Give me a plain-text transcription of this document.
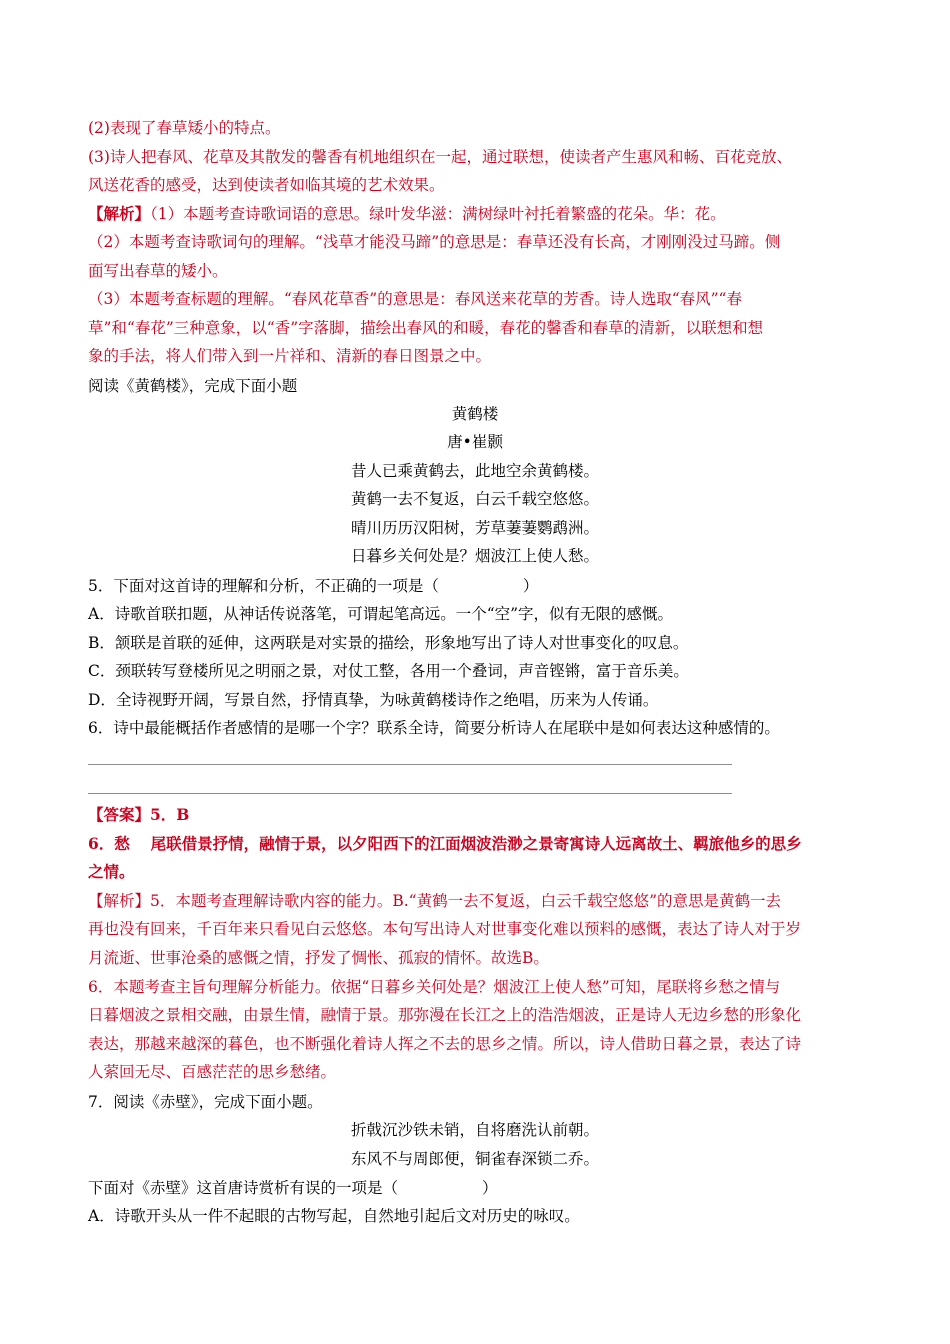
(2)表现了春草矮小的特点。
(3)诗人把春风、花草及其散发的馨香有机地组织在一起，通过联想，使读者产生惠风和畅、百花竞放、
风送花香的感受，达到使读者如临其境的艺术效果。
【解析】（1）本题考查诗歌词语的意思。绿叶发华滋：满树绿叶衬托着繁盛的花朵。华：花。
（2）本题考查诗歌词句的理解。“浅草才能没马蹄”的意思是：春草还没有长高，才刚刚没过马蹄。侧
面写出春草的矮小。
（3）本题考查标题的理解。“春风花草香”的意思是：春风送来花草的芳香。诗人选取“春风”“春
草”和“春花”三种意象，以“香”字落脚，描绘出春风的和暖，春花的馨香和春草的清新，以联想和想
象的手法，将人们带入到一片祥和、清新的春日图景之中。
阅读《黄鹤楼》，完成下面小题
黄鹤楼
唐•崔颢
昔人已乘黄鹤去，此地空余黄鹤楼。
黄鹤一去不复返，白云千载空悠悠。
晴川历历汉阳树，芳草萋萋鹦鹉洲。
日暮乡关何处是？烟波江上使人愁。
5．下面对这首诗的理解和分析，不正确的一项是（	）
A．诗歌首联扣题，从神话传说落笔，可谓起笔高远。一个“空”字，似有无限的感慨。
B．颔联是首联的延伸，这两联是对实景的描绘，形象地写出了诗人对世事变化的叹息。
C．颈联转写登楼所见之明丽之景，对仗工整，各用一个叠词，声音铿锵，富于音乐美。
D．全诗视野开阔，写景自然，抒情真挚，为咏黄鹤楼诗作之绝唱，历来为人传诵。
6．诗中最能概括作者感情的是哪一个字？联系全诗，简要分析诗人在尾联中是如何表达这种感情的。
【答案】5．B
6．愁　 尾联借景抒情，融情于景，以夕阳西下的江面烟波浩渺之景寄寓诗人远离故土、羁旅他乡的思乡
之情。
【解析】5．本题考查理解诗歌内容的能力。B.“黄鹤一去不复返，白云千载空悠悠”的意思是黄鹤一去
再也没有回来，千百年来只看见白云悠悠。本句写出诗人对世事变化难以预料的感慨，表达了诗人对于岁
月流逝、世事沧桑的感慨之情，抒发了惆怅、孤寂的情怀。故选B。
6．本题考查主旨句理解分析能力。依据“日暮乡关何处是？烟波江上使人愁”可知，尾联将乡愁之情与
日暮烟波之景相交融，由景生情，融情于景。那弥漫在长江之上的浩浩烟波，正是诗人无边乡愁的形象化
表达，那越来越深的暮色，也不断强化着诗人挥之不去的思乡之情。所以，诗人借助日暮之景，表达了诗
人萦回无尽、百感茫茫的思乡愁绪。
7．阅读《赤壁》，完成下面小题。
折戟沉沙铁未销，自将磨洗认前朝。
东风不与周郎便，铜雀春深锁二乔。
下面对《赤壁》这首唐诗赏析有误的一项是（	）
A．诗歌开头从一件不起眼的古物写起，自然地引起后文对历史的咏叹。
